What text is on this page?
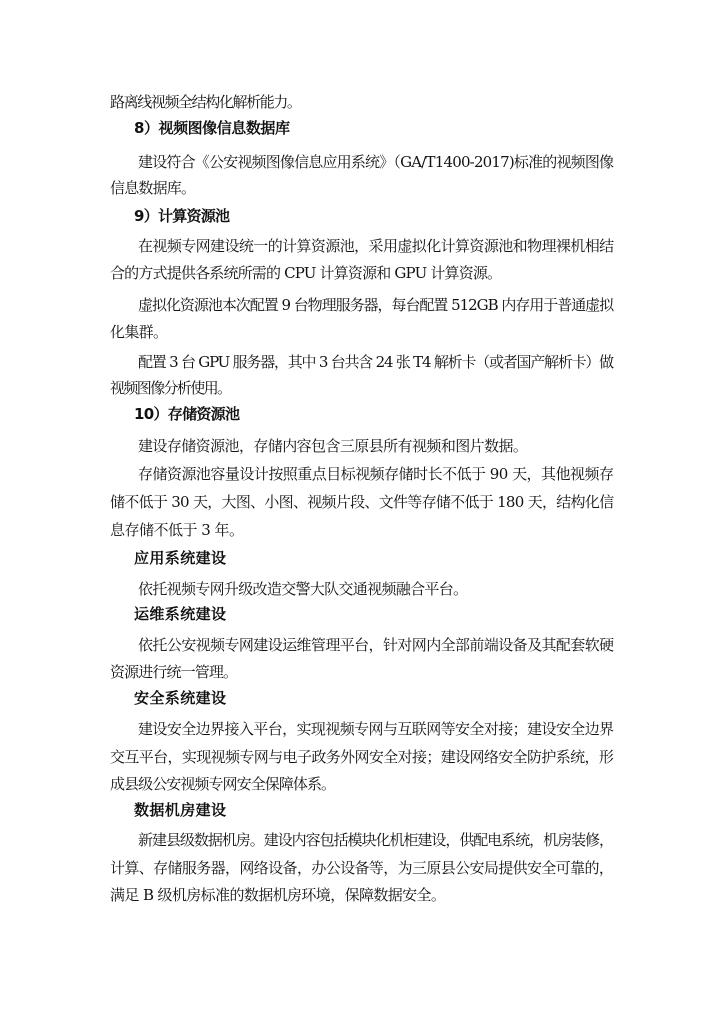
路离线视频全结构化解析能力。
8）视频图像信息数据库
建设符合《公安视频图像信息应用系统》（GA/T1400-2017)标准的视频图像
信息数据库。
9）计算资源池
在视频专网建设统一的计算资源池，采用虚拟化计算资源池和物理裸机相结
合的方式提供各系统所需的 CPU 计算资源和 GPU 计算资源。
虚拟化资源池本次配置 9 台物理服务器，每台配置 512GB 内存用于普通虚拟
化集群。
配置 3 台 GPU 服务器，其中 3 台共含 24 张 T4 解析卡（或者国产解析卡）做
视频图像分析使用。
10）存储资源池
建设存储资源池，存储内容包含三原县所有视频和图片数据。
存储资源池容量设计按照重点目标视频存储时长不低于 90 天，其他视频存
储不低于 30 天，大图、小图、视频片段、文件等存储不低于 180 天，结构化信
息存储不低于 3 年。
应用系统建设
依托视频专网升级改造交警大队交通视频融合平台。
运维系统建设
依托公安视频专网建设运维管理平台，针对网内全部前端设备及其配套软硬
资源进行统一管理。
安全系统建设
建设安全边界接入平台，实现视频专网与互联网等安全对接；建设安全边界
交互平台，实现视频专网与电子政务外网安全对接；建设网络安全防护系统，形
成县级公安视频专网安全保障体系。
数据机房建设
新建县级数据机房。建设内容包括模块化机柜建设，供配电系统，机房装修，
计算、存储服务器，网络设备，办公设备等，为三原县公安局提供安全可靠的，
满足 B 级机房标准的数据机房环境，保障数据安全。
